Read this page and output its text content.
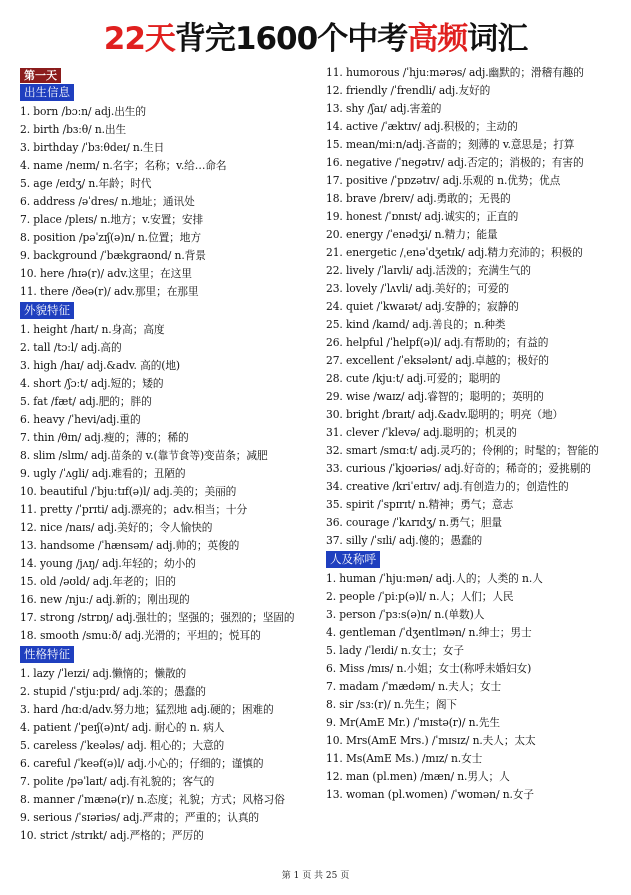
22天背完1600个中考高频词汇
第一天
出生信息
1. born /bɔːn/ adj.出生的
2. birth /bɜːθ/ n.出生
3. birthday /ˈbɜːθdeɪ/ n.生日
4. name /neɪm/ n.名字；名称；v.给…命名
5. age /eɪdʒ/ n.年龄；时代
6. address /əˈdres/ n.地址；通讯处
7. place /pleɪs/ n.地方；v.安置；安排
8. position /pəˈzɪʃ(ə)n/ n.位置；地方
9. background /ˈbækɡraʊnd/ n.背景
10. here /hɪə(r)/ adv.这里；在这里
11. there /ðeə(r)/ adv.那里；在那里
外貌特征
1. height /haɪt/ n.身高；高度
2. tall /tɔːl/ adj.高的
3. high /haɪ/ adj.&adv. 高的(地)
4. short /ʃɔːt/ adj.短的；矮的
5. fat /fæt/ adj.肥的；胖的
6. heavy /ˈhevi/adj.重的
7. thin /θɪn/ adj.瘦的；薄的；稀的
8. slim /slɪm/ adj.苗条的 v.(靠节食等)变苗条；减肥
9. ugly /ˈʌɡli/ adj.难看的；丑陋的
10. beautiful /ˈbjuːtɪf(ə)l/ adj.美的；美丽的
11. pretty /ˈprɪti/ adj.漂亮的；adv.相当；十分
12. nice /naɪs/ adj.美好的；令人愉快的
13. handsome /ˈhænsəm/ adj.帅的；英俊的
14. young /jʌŋ/ adj.年轻的；幼小的
15. old /əʊld/ adj.年老的；旧的
16. new /njuː/ adj.新的；刚出现的
17. strong /strɒŋ/ adj.强壮的；坚强的；强烈的；坚固的
18. smooth /smuːð/ adj.光滑的；平坦的；悦耳的
性格特征
1. lazy /ˈleɪzi/ adj.懒惰的；懒散的
2. stupid /ˈstjuːpɪd/ adj.笨的；愚蠢的
3. hard /hɑːd/adv.努力地；猛烈地 adj.硬的；困难的
4. patient /ˈpeɪʃ(ə)nt/ adj. 耐心的 n. 病人
5. careless /ˈkeələs/ adj. 粗心的；大意的
6. careful /ˈkeəf(ə)l/ adj.小心的；仔细的；谨慎的
7. polite /pəˈlaɪt/ adj.有礼貌的；客气的
8. manner /ˈmænə(r)/ n.态度；礼貌；方式；风格习俗
9. serious /ˈsɪəriəs/ adj.严肃的；严重的；认真的
10. strict /strɪkt/ adj.严格的；严厉的
11. humorous /ˈhjuːmərəs/ adj.幽默的；滑稽有趣的
12. friendly /ˈfrendli/ adj.友好的
13. shy /ʃaɪ/ adj.害羞的
14. active /ˈæktɪv/ adj.积极的；主动的
15. mean/miːn/adj.吝啬的；刻薄的 v.意思是；打算
16. negative /ˈneɡətɪv/ adj.否定的；消极的；有害的
17. positive /ˈpɒzətɪv/ adj.乐观的 n.优势；优点
18. brave /breɪv/ adj.勇敢的；无畏的
19. honest /ˈɒnɪst/ adj.诚实的；正直的
20. energy /ˈenədʒi/ n.精力；能量
21. energetic /ˌenəˈdʒetɪk/ adj.精力充沛的；积极的
22. lively /ˈlaɪvli/ adj.活泼的；充满生气的
23. lovely /ˈlʌvli/ adj.美好的；可爱的
24. quiet /ˈkwaɪət/ adj.安静的；寂静的
25. kind /kaɪnd/ adj.善良的；n.种类
26. helpful /ˈhelpf(ə)l/ adj.有帮助的；有益的
27. excellent /ˈeksələnt/ adj.卓越的；极好的
28. cute /kjuːt/ adj.可爱的；聪明的
29. wise /waɪz/ adj.睿智的；聪明的；英明的
30. bright /braɪt/ adj.&adv.聪明的；明亮（地）
31. clever /ˈklevə/ adj.聪明的；机灵的
32. smart /smɑːt/ adj.灵巧的；伶俐的；时髦的；智能的
33. curious /ˈkjʊəriəs/ adj.好奇的；稀奇的；爱挑剔的
34. creative /kriˈeɪtɪv/ adj.有创造力的；创造性的
35. spirit /ˈspɪrɪt/ n.精神；勇气；意志
36. courage /ˈkʌrɪdʒ/ n.勇气；胆量
37. silly /ˈsɪli/ adj.傻的；愚蠢的
人及称呼
1. human /ˈhjuːmən/ adj.人的；人类的 n.人
2. people /ˈpiːp(ə)l/ n.人；人们；人民
3. person /ˈpɜːs(ə)n/ n.(单数)人
4. gentleman /ˈdʒentlmən/ n.绅士；男士
5. lady /ˈleɪdi/ n.女士；女子
6. Miss /mɪs/ n.小姐；女士(称呼未婚妇女)
7. madam /ˈmædəm/ n.夫人；女士
8. sir /sɜː(r)/ n.先生；阁下
9. Mr(AmE Mr.) /ˈmɪstə(r)/ n.先生
10. Mrs(AmE Mrs.) /ˈmɪsɪz/ n.夫人；太太
11. Ms(AmE Ms.) /mɪz/ n.女士
12. man (pl.men) /mæn/ n.男人；人
13. woman (pl.women) /ˈwʊmən/ n.女子
第 1 页 共 25 页
